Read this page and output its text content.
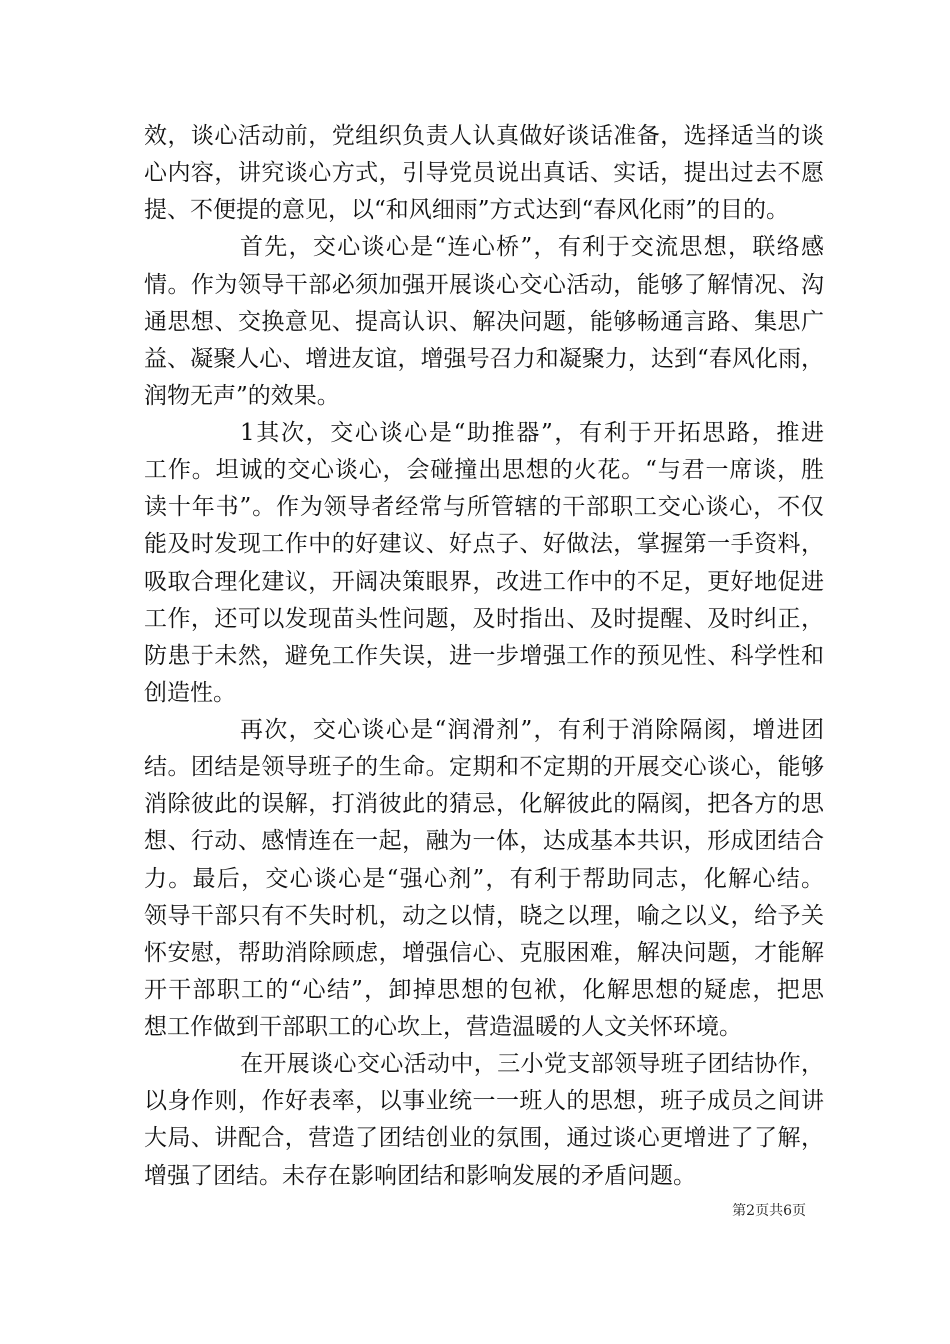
效，谈心活动前，党组织负责人认真做好谈话准备，选择适当的谈
心内容，讲究谈心方式，引导党员说出真话、实话，提出过去不愿
提、不便提的意见，以“和风细雨”方式达到“春风化雨”的目的。
首先，交心谈心是“连心桥”，有利于交流思想，联络感
情。作为领导干部必须加强开展谈心交心活动，能够了解情况、沟
通思想、交换意见、提高认识、解决问题，能够畅通言路、集思广
益、凝聚人心、增进友谊，增强号召力和凝聚力，达到“春风化雨，
润物无声”的效果。
1其次，交心谈心是“助推器”，有利于开拓思路，推进
工作。坦诚的交心谈心，会碰撞出思想的火花。“与君一席谈，胜
读十年书”。作为领导者经常与所管辖的干部职工交心谈心，不仅
能及时发现工作中的好建议、好点子、好做法，掌握第一手资料，
吸取合理化建议，开阔决策眼界，改进工作中的不足，更好地促进
工作，还可以发现苗头性问题，及时指出、及时提醒、及时纠正，
防患于未然，避免工作失误，进一步增强工作的预见性、科学性和
创造性。
再次，交心谈心是“润滑剂”，有利于消除隔阂，增进团
结。团结是领导班子的生命。定期和不定期的开展交心谈心，能够
消除彼此的误解，打消彼此的猜忌，化解彼此的隔阂，把各方的思
想、行动、感情连在一起，融为一体，达成基本共识，形成团结合
力。最后，交心谈心是“强心剂”，有利于帮助同志，化解心结。
领导干部只有不失时机，动之以情，晓之以理，喻之以义，给予关
怀安慰，帮助消除顾虑，增强信心、克服困难，解决问题，才能解
开干部职工的“心结”，卸掉思想的包袱，化解思想的疑虑，把思
想工作做到干部职工的心坎上，营造温暖的人文关怀环境。
在开展谈心交心活动中，三小党支部领导班子团结协作，
以身作则，作好表率，以事业统一一班人的思想，班子成员之间讲
大局、讲配合，营造了团结创业的氛围，通过谈心更增进了了解，
增强了团结。未存在影响团结和影响发展的矛盾问题。
第2页共6页
